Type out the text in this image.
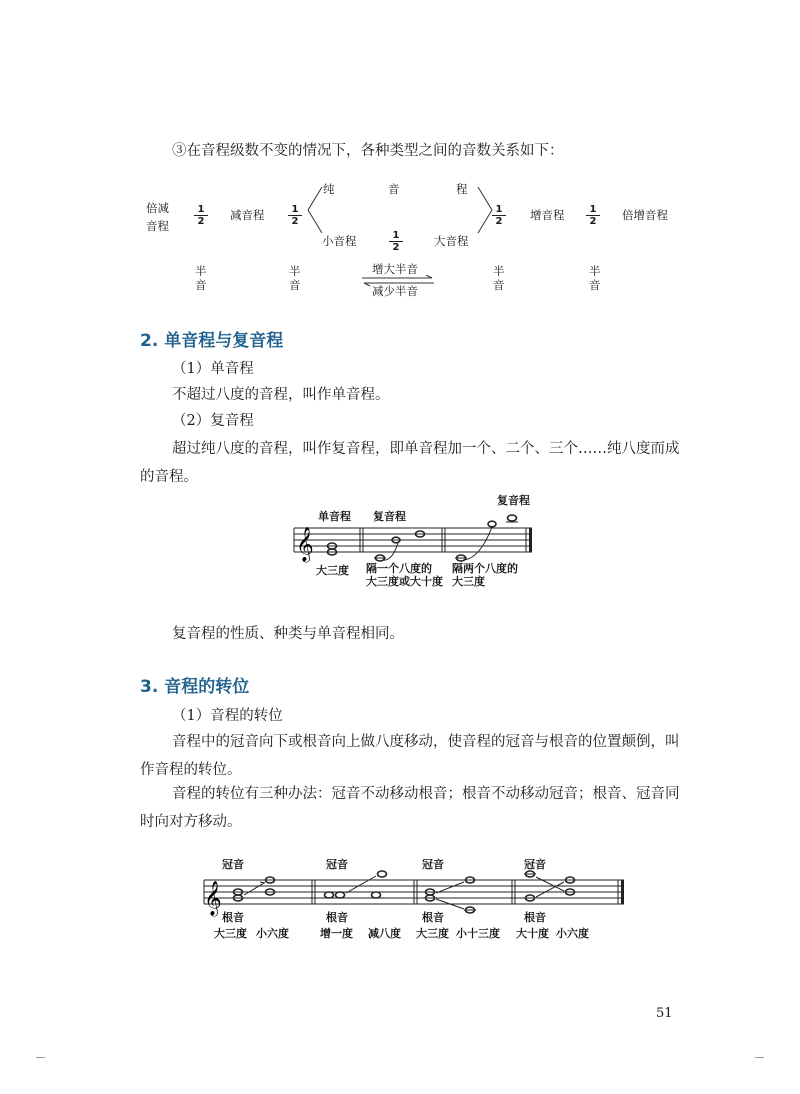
③在音程级数不变的情况下，各种类型之间的音数关系如下：

倍减
音程	$\frac{1}{2}$ 减音程 $\frac{1}{2}$
纯	音	程
小音程	$\frac{1}{2}$	大音程
$\frac{1}{2}$ 增音程 $\frac{1}{2}$ 倍增音程
半
音
半
音
增大半音
减少半音
半
音
半
音
2. 单音程与复音程

（1）单音程

不超过八度的音程，叫作单音程。

（2）复音程

超过纯八度的音程，叫作复音程，即单音程加一个、二个、三个……纯八度而成的音程。

𝄞
单音程 复音程
复音程
大三度 隔一个八度的
大三度或大十度
隔两个八度的
大三度

复音程的性质、种类与单音程相同。

3. 音程的转位

（1）音程的转位

音程中的冠音向下或根音向上做八度移动，使音程的冠音与根音的位置颠倒，叫作音程的转位。

音程的转位有三种办法：冠音不动移动根音；根音不动移动冠音；根音、冠音同时向对方移动。

𝄞
冠音	冠音	冠音	冠音
根音	根音	根音	根音
大三度 小六度	增一度 减八度 大三度 小十三度 大十度 小六度
51
